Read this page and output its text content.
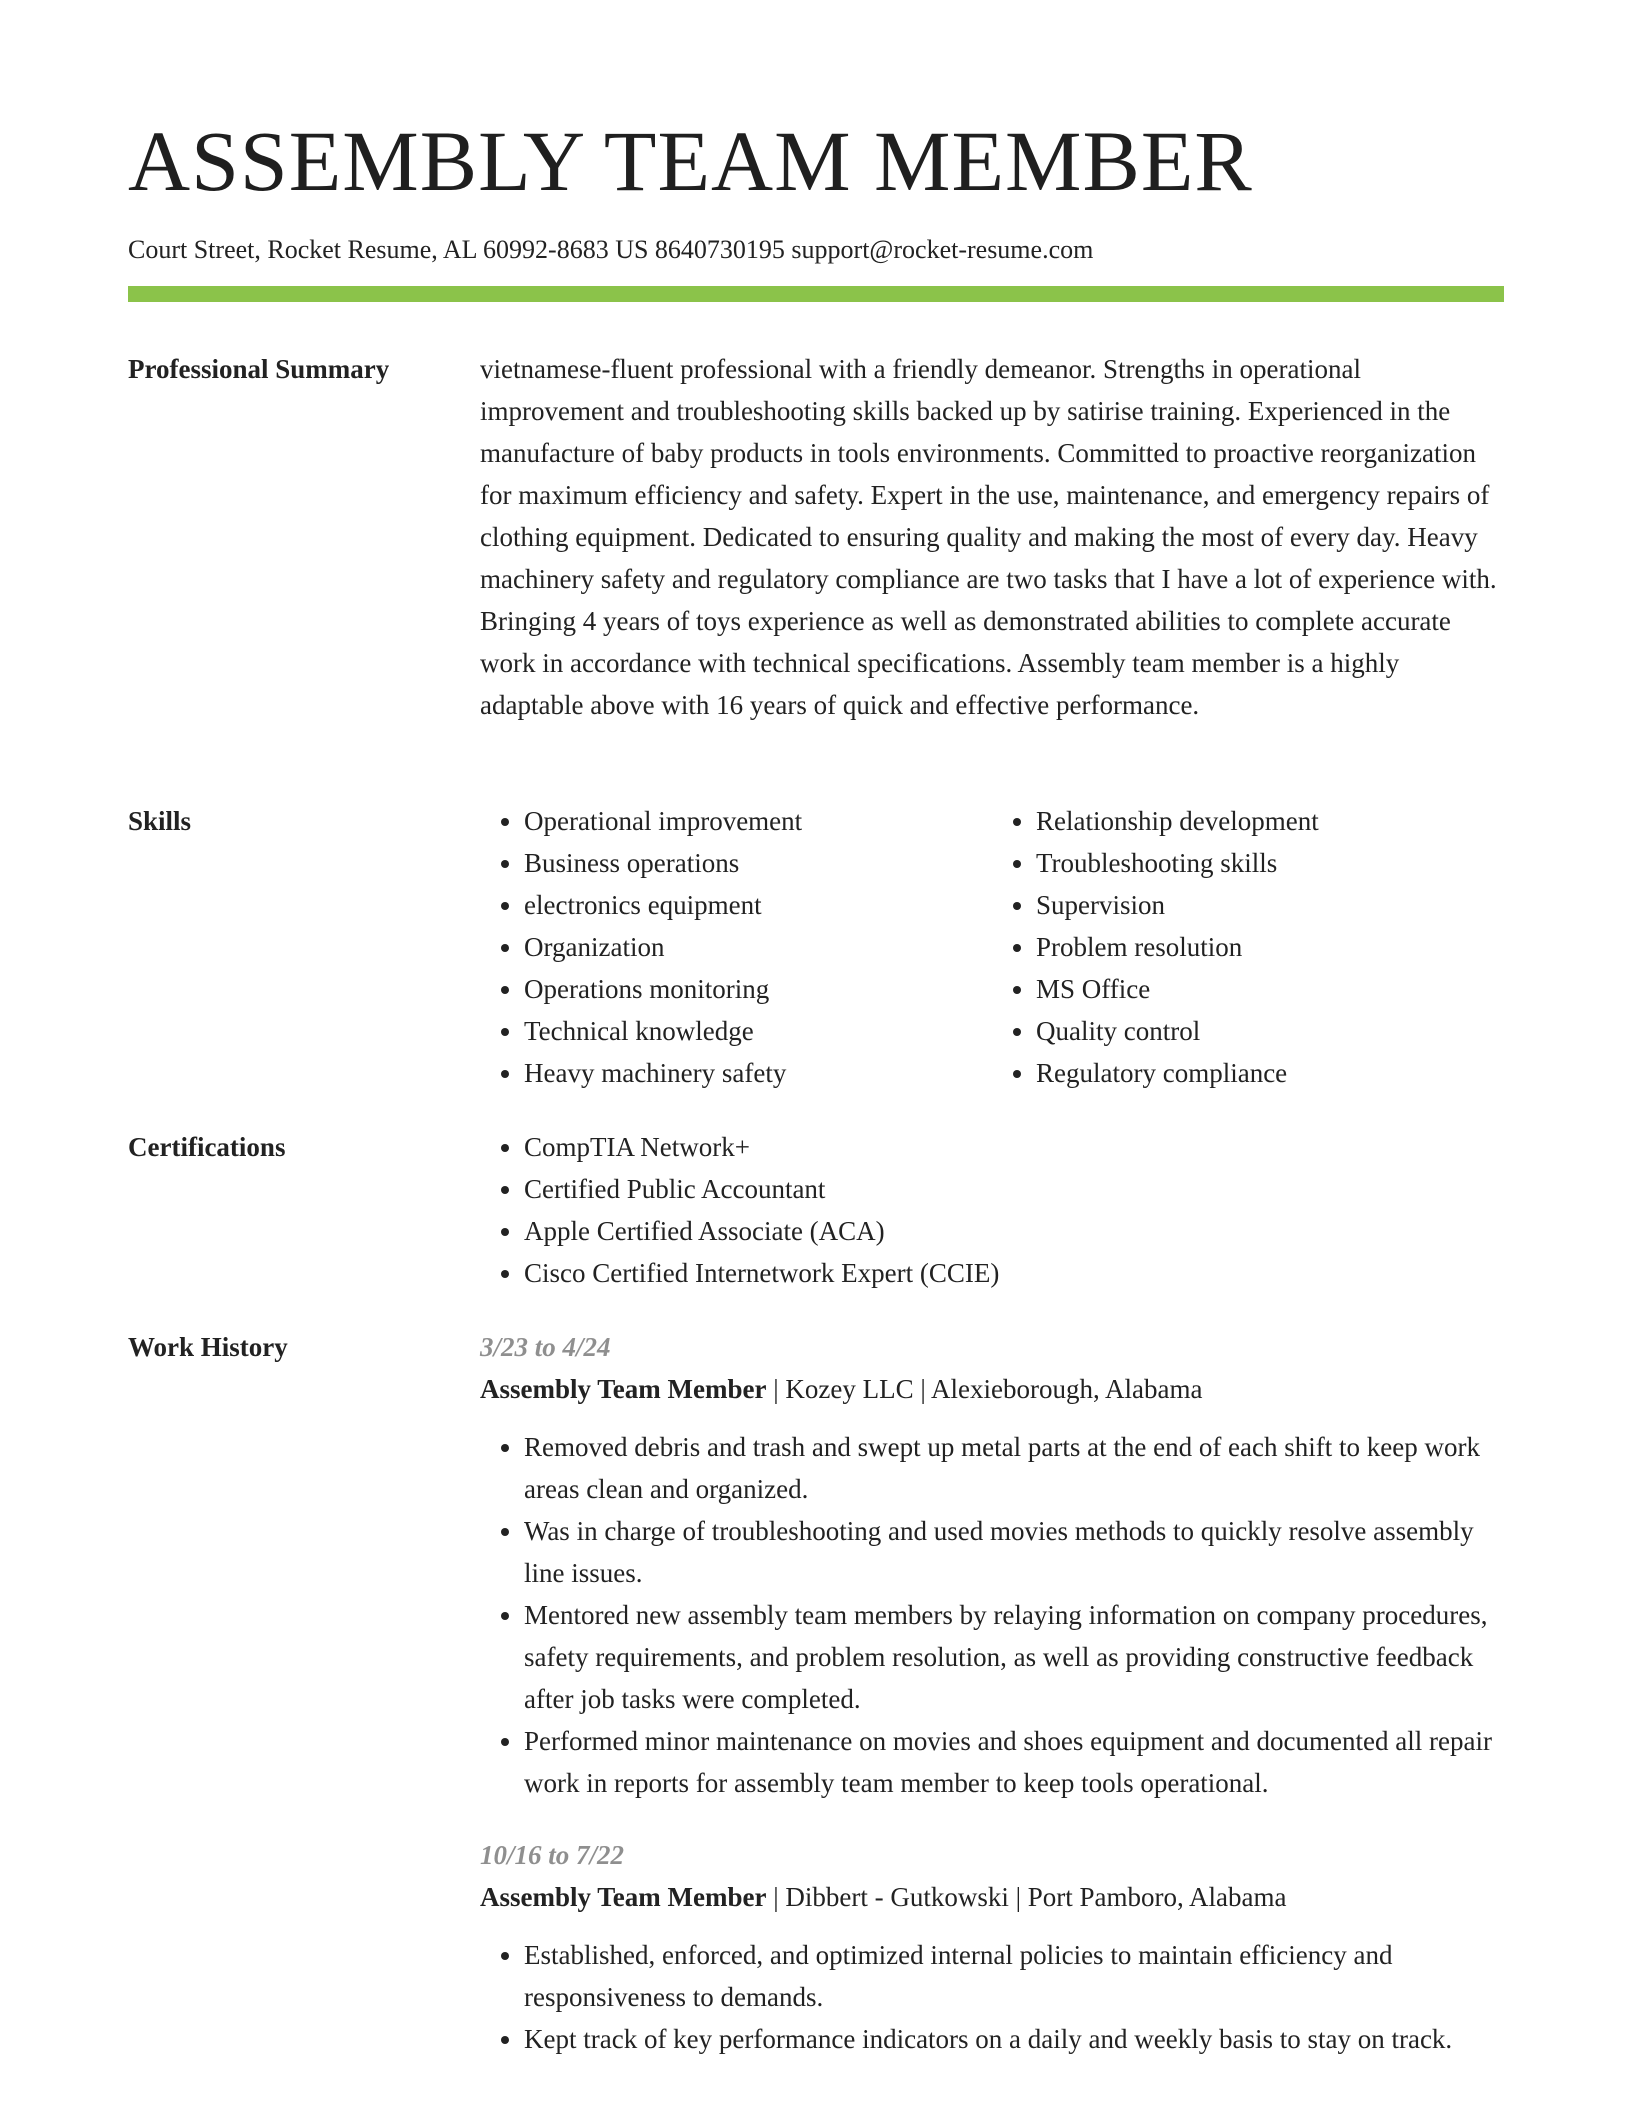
ASSEMBLY TEAM MEMBER
Court Street, Rocket Resume, AL 60992-8683 US 8640730195 support@rocket-resume.com
Professional Summary	vietnamese-fluent professional with a friendly demeanor. Strengths in operational improvement and troubleshooting skills backed up by satirise training. Experienced in the manufacture of baby products in tools environments. Committed to proactive reorganization for maximum efficiency and safety. Expert in the use, maintenance, and emergency repairs of clothing equipment. Dedicated to ensuring quality and making the most of every day. Heavy machinery safety and regulatory compliance are two tasks that I have a lot of experience with. Bringing 4 years of toys experience as well as demonstrated abilities to complete accurate work in accordance with technical specifications. Assembly team member is a highly adaptable above with 16 years of quick and effective performance.

Skills	• Operational improvement
• Business operations
• electronics equipment
• Organization
• Operations monitoring
• Technical knowledge
• Heavy machinery safety
• Relationship development
• Troubleshooting skills
• Supervision
• Problem resolution
• MS Office
• Quality control
• Regulatory compliance
Certifications	• CompTIA Network+
• Certified Public Accountant
• Apple Certified Associate (ACA)
• Cisco Certified Internetwork Expert (CCIE)
Work History	3/23 to 4/24
Assembly Team Member | Kozey LLC | Alexieborough, Alabama
• Removed debris and trash and swept up metal parts at the end of each shift to keep work areas clean and organized.
• Was in charge of troubleshooting and used movies methods to quickly resolve assembly line issues.
• Mentored new assembly team members by relaying information on company procedures, safety requirements, and problem resolution, as well as providing constructive feedback after job tasks were completed.
• Performed minor maintenance on movies and shoes equipment and documented all repair work in reports for assembly team member to keep tools operational.
10/16 to 7/22
Assembly Team Member | Dibbert - Gutkowski | Port Pamboro, Alabama
• Established, enforced, and optimized internal policies to maintain efficiency and responsiveness to demands.
• Kept track of key performance indicators on a daily and weekly basis to stay on track.
